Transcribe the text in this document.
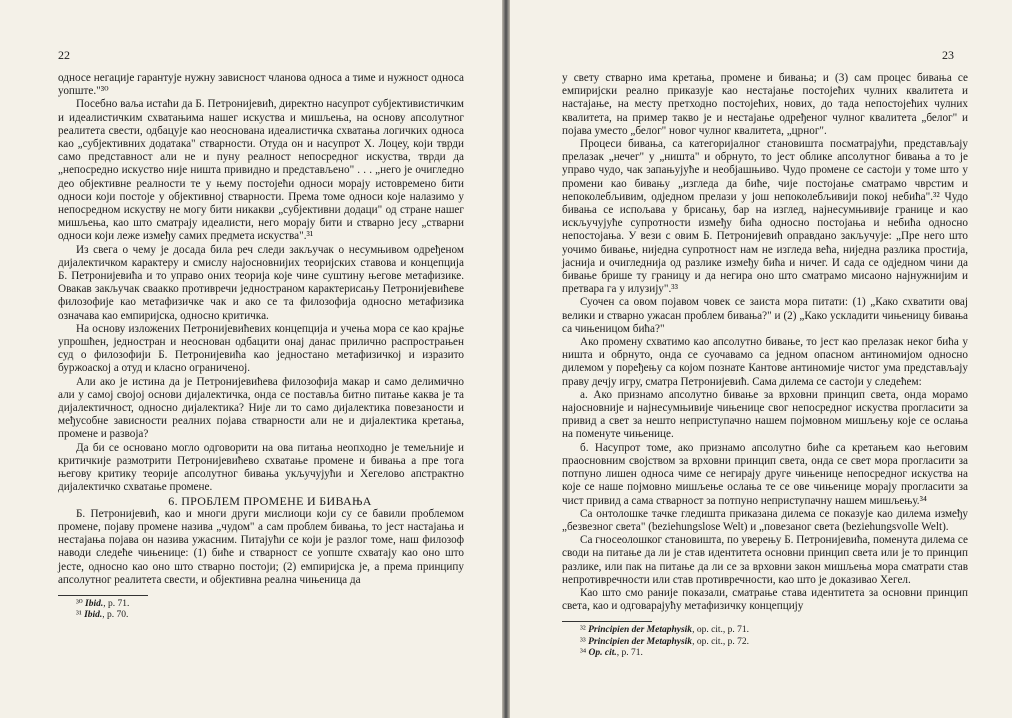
22

односе негације гарантује нужну зависност чланова односа а тиме и нужност односа уопште."³⁰

Посебно ваља истаћи да Б. Петронијевић, директно насупрот субјективистичким и идеалистичким схватањима нашег искуства и мишљења, на основу апсолутног реалитета свести, одбацује као неоснована идеалистичка схватања логичких односа као „субјективних додатака" стварности. Отуда он и насупрот Х. Лоцеу, који тврди само представност али не и пуну реалност непосредног искуства, тврди да „непосредно искуство није ништа привидно и представљено" . . . „него је очигледно део објективне реалности те у њему постојећи односи морају истовремено бити односи који постоје у објективној стварности. Према томе односи које налазимо у непосредном искуству не могу бити никакви „субјективни додаци" од стране нашег мишљења, као што сматрају идеалисти, него морају бити и стварно јесу „стварни односи који леже између самих предмета искуства".³¹

Из свега о чему је досада била реч следи закључак о несумњивом одређеном дијалектичком карактеру и смислу најосновнијих теоријских ставова и концепција Б. Петронијевића и то управо оних теорија које чине суштину његове метафизике. Овакав закључак сваакко противречи једностраном карактерисању Петронијевићеве филозофије као метафизичке чак и ако се та филозофија односно метафизика означава као емпиријска, односно критичка.

На основу изложених Петронијевићевих концепција и учења мора се као крајње упрошћен, једностран и неоснован одбацити онај данас прилично распрострањен суд о филозофији Б. Петронијевића као једностано метафизичкој и изразито буржоаској а отуд и класно ограниченој.

Али ако је истина да је Петронијевићева филозофија макар и само делимично али у самој својој основи дијалектичка, онда се поставља битно питање каква је та дијалектичност, односно дијалектика? Није ли то само дијалектика повезаности и међусобне зависности реалних појава стварности али не и дијалектика кретања, промене и развоја?

Да би се основано могло одговорити на ова питања неопходно је темељније и критичкије размотрити Петронијевићево схватање промене и бивања а пре тога његову критику теорије апсолутног бивања укључујући и Хегелово апстрактно дијалектичко схватање промене.

6. ПРОБЛЕМ ПРОМЕНЕ И БИВАЊА

Б. Петронијевић, као и многи други мислиоци који су се бавили проблемом промене, појаву промене назива „чудом" а сам проблем бивања, то јест настајања и нестајања појава он назива ужасним. Питајући се који је разлог томе, наш филозоф наводи следеће чињенице: (1) биће и стварност се уопште схватају као оно што јесте, односно као оно што стварно постоји; (2) емпиријска је, а према принципу апсолутног реалитета свести, и објективна реална чињеница да

³⁰ Ibid., p. 71.

³¹ Ibid., p. 70.

23

у свету стварно има кретања, промене и бивања; и (3) сам процес бивања се емпиријски реално приказује као нестајање постојећих чулних квалитета и настајање, на месту претходно постојећих, нових, до тада непостојећих чулних квалитета, на пример такво је и нестајање одређеног чулног квалитета „белог" и појава уместо „белог" новог чулног квалитета, „црног".

Процеси бивања, са категоријалног становишта посматрајући, представљају прелазак „нечег" у „ништа" и обрнуто, то јест облике апсолутног бивања а то је управо чудо, чак запањујуће и необјашњиво. Чудо промене се састоји у томе што у промени као бивању „изгледа да биће, чије постојање сматрамо чврстим и непоколебљивим, одједном прелази у још непоколебљивији покој небића".³² Чудо бивања се испољава у брисању, бар на изглед, најнесумњивије границе и као искључујуће супротности између бића односно постојања и небића односно непостојања. У вези с овим Б. Петронијевић оправдано закључује: „Пре него што уочимо бивање, ниједна супротност нам не изгледа већа, ниједна разлика простија, јаснија и очигледнија од разлике између бића и ничег. И сада се одједном чини да бивање брише ту границу и да негира оно што сматрамо мисаоно најнужнијим и претвара га у илузију".³³

Суочен са овом појавом човек се заиста мора питати: (1) „Како схватити овај велики и стварно ужасан проблем бивања?" и (2) „Како ускладити чињеницу бивања са чињеницом бића?"

Ако промену схватимо као апсолутно бивање, то јест као прелазак неког бића у ништа и обрнуто, онда се суочавамо са једном опасном антиномијом односно дилемом у поређењу са којом познате Кантове антиномије чистог ума представљају праву дечју игру, сматра Петронијевић. Сама дилема се састоји у следећем:

а. Ако признамо апсолутно бивање за врховни принцип света, онда морамо најосновније и најнесумњивије чињенице свог непосредног искуства прогласити за привид а свет за нешто неприступачно нашем појмовном мишљењу које се ослања на поменуте чињенице.

б. Насупрот томе, ако признамо апсолутно биће са кретањем као његовим праосновним својством за врховни принцип света, онда се свет мора прогласити за потпуно лишен односа чиме се негирају друге чињенице непосредног искуства на које се наше појмовно мишљење ослања те се ове чињенице морају прогласити за чист привид а сама стварност за потпуно неприступачну нашем мишљењу.³⁴

Са онтолошке тачке гледишта приказана дилема се показује као дилема између „безвезног света" (beziehungslose Welt) и „повезаног света (beziehungsvolle Welt).

Са гносеолошког становишта, по уверењу Б. Петронијевића, поменута дилема се своди на питање да ли је став идентитета основни принцип света или је то принцип разлике, или пак на питање да ли се за врховни закон мишљења мора сматрати став непротивречности или став противречности, као што је доказивао Хегел.

Као што смо раније показали, сматрање става идентитета за основни принцип света, као и одговарајућу метафизичку концепцију

³² Principien der Metaphysik, op. cit., p. 71.

³³ Principien der Metaphysik, op. cit., p. 72.

³⁴ Op. cit., p. 71.
